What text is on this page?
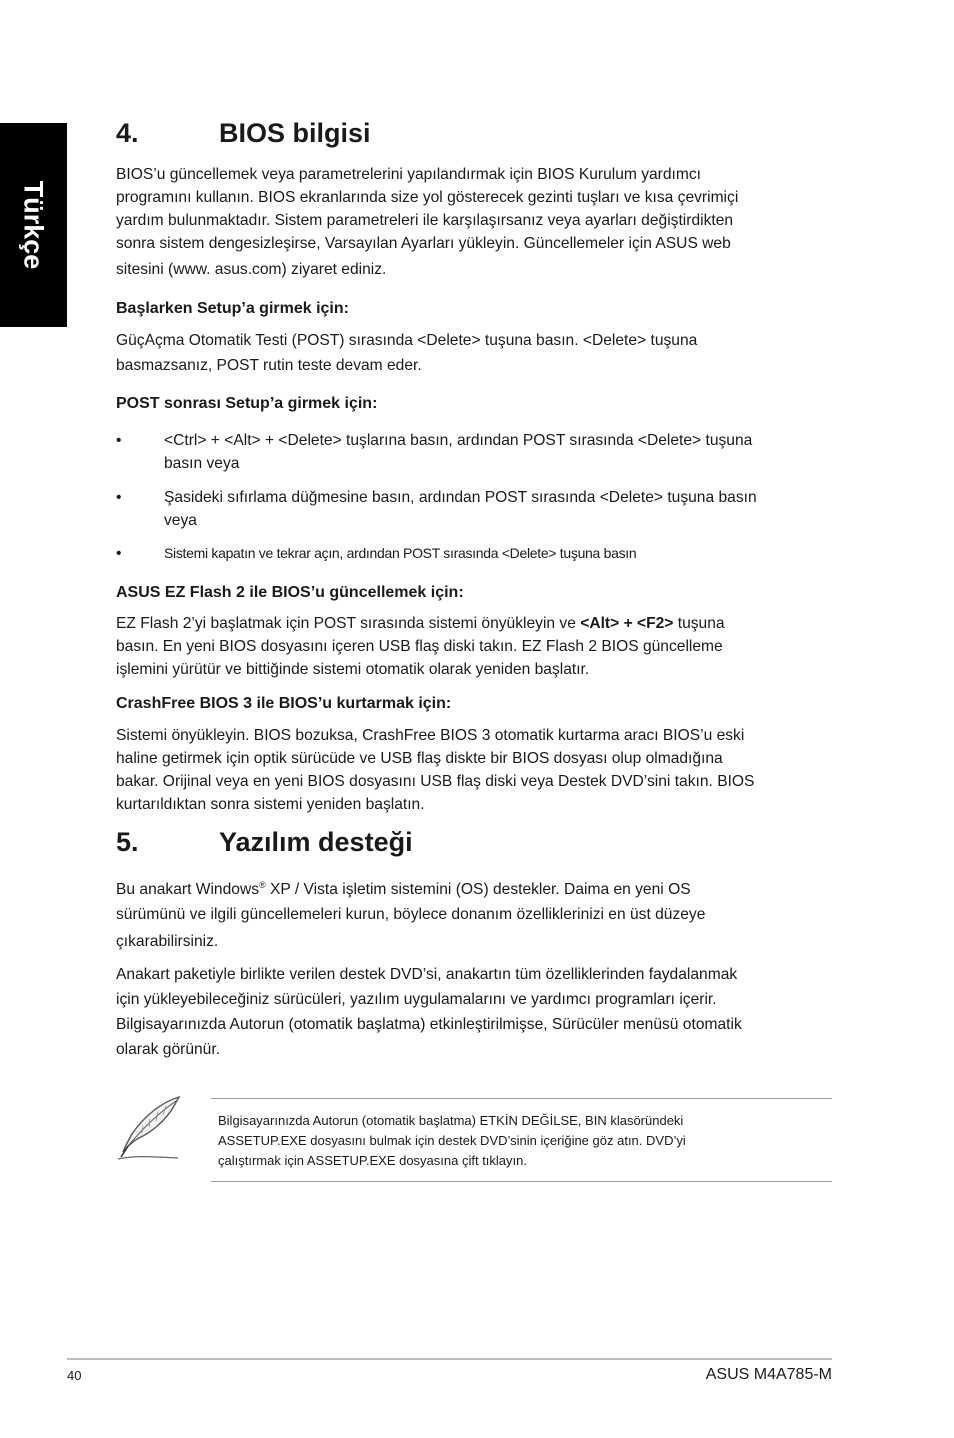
Türkçe
4.	BIOS bilgisi
BIOS’u güncellemek veya parametrelerini yapılandırmak için BIOS Kurulum yardımcı
programını kullanın. BIOS ekranlarında size yol gösterecek gezinti tuşları ve kısa çevrimiçi
yardım bulunmaktadır. Sistem parametreleri ile karşılaşırsanız veya ayarları değiştirdikten
sonra sistem dengesizleşirse, Varsayılan Ayarları yükleyin. Güncellemeler için ASUS web
sitesini (www. asus.com) ziyaret ediniz.
Başlarken Setup’a girmek için:
GüçAçma Otomatik Testi (POST) sırasında <Delete> tuşuna basın. <Delete> tuşuna
basmazsanız, POST rutin teste devam eder.
POST sonrası Setup’a girmek için:
•	<Ctrl> + <Alt> + <Delete> tuşlarına basın, ardından POST sırasında <Delete> tuşuna
basın veya
•	Şasideki sıfırlama düğmesine basın, ardından POST sırasında <Delete> tuşuna basın
veya
•	Sistemi kapatın ve tekrar açın, ardından POST sırasında <Delete> tuşuna basın
ASUS EZ Flash 2 ile BIOS’u güncellemek için:
EZ Flash 2’yi başlatmak için POST sırasında sistemi önyükleyin ve <Alt> + <F2> tuşuna
basın. En yeni BIOS dosyasını içeren USB flaş diski takın. EZ Flash 2 BIOS güncelleme
işlemini yürütür ve bittiğinde sistemi otomatik olarak yeniden başlatır.
CrashFree BIOS 3 ile BIOS’u kurtarmak için:
Sistemi önyükleyin. BIOS bozuksa, CrashFree BIOS 3 otomatik kurtarma aracı BIOS’u eski
haline getirmek için optik sürücüde ve USB flaş diskte bir BIOS dosyası olup olmadığına
bakar. Orijinal veya en yeni BIOS dosyasını USB flaş diski veya Destek DVD’sini takın. BIOS
kurtarıldıktan sonra sistemi yeniden başlatın.
5.	Yazılım desteği
Bu anakart Windows® XP / Vista işletim sistemini (OS) destekler. Daima en yeni OS
sürümünü ve ilgili güncellemeleri kurun, böylece donanım özelliklerinizi en üst düzeye
çıkarabilirsiniz.
Anakart paketiyle birlikte verilen destek DVD’si, anakartın tüm özelliklerinden faydalanmak
için yükleyebileceğiniz sürücüleri, yazılım uygulamalarını ve yardımcı programları içerir.
Bilgisayarınızda Autorun (otomatik başlatma) etkinleştirilmişse, Sürücüler menüsü otomatik
olarak görünür.
Bilgisayarınızda Autorun (otomatik başlatma) ETKİN DEĞİLSE, BIN klasöründeki
ASSETUP.EXE dosyasını bulmak için destek DVD’sinin içeriğine göz atın. DVD’yi
çalıştırmak için ASSETUP.EXE dosyasına çift tıklayın.
40	ASUS M4A785-M
